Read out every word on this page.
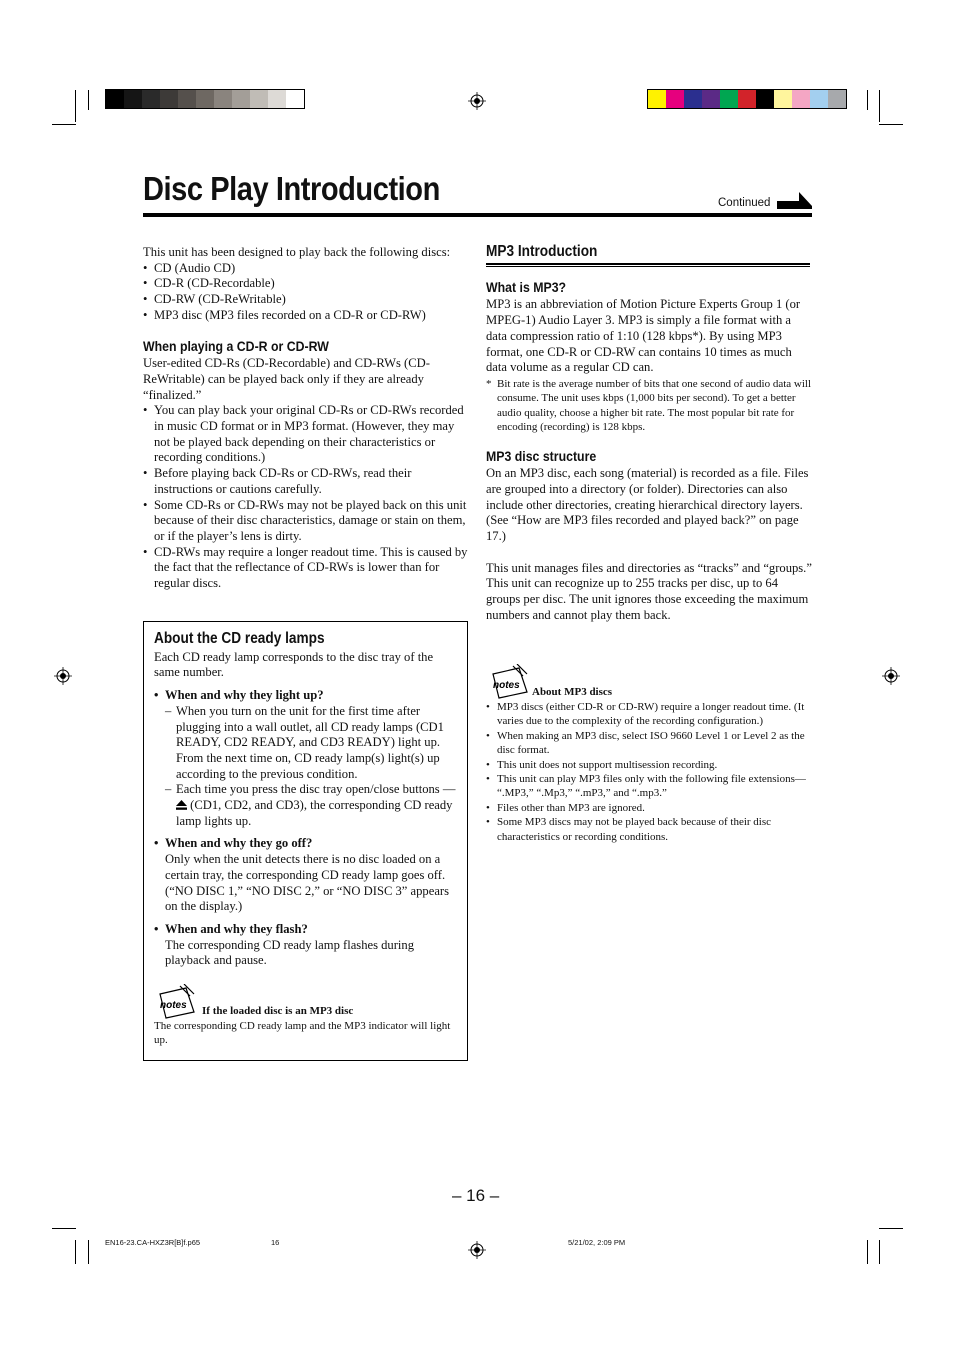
Disc Play Introduction	Continued

This unit has been designed to play back the following discs:

• CD (Audio CD)
• CD-R (CD-Recordable)
• CD-RW (CD-ReWritable)
• MP3 disc (MP3 files recorded on a CD-R or CD-RW)
When playing a CD-R or CD-RW

User-edited CD-Rs (CD-Recordable) and CD-RWs (CD-ReWritable) can be played back only if they are already “finalized.”

• You can play back your original CD-Rs or CD-RWs recorded in music CD format or in MP3 format. (However, they may not be played back depending on their characteristics or recording conditions.)
• Before playing back CD-Rs or CD-RWs, read their instructions or cautions carefully.
• Some CD-Rs or CD-RWs may not be played back on this unit because of their disc characteristics, damage or stain on them, or if the player’s lens is dirty.
• CD-RWs may require a longer readout time. This is caused by the fact that the reflectance of CD-RWs is lower than for regular discs.
About the CD ready lamps

Each CD ready lamp corresponds to the disc tray of the same number.

• When and why they light up?
– When you turn on the unit for the first time after plugging into a wall outlet, all CD ready lamps (CD1 READY, CD2 READY, and CD3 READY) light up. From the next time on, CD ready lamp(s) light(s) up according to the previous condition.
– Each time you press the disc tray open/close buttons — (CD1, CD2, and CD3), the corresponding CD ready lamp lights up.
• When and why they go off?

Only when the unit detects there is no disc loaded on a certain tray, the corresponding CD ready lamp goes off. (“NO DISC 1,” “NO DISC 2,” or “NO DISC 3” appears on the display.)

• When and why they flash?

The corresponding CD ready lamp flashes during playback and pause.

notes If the loaded disc is an MP3 disc
The corresponding CD ready lamp and the MP3 indicator will light up.
MP3 Introduction
What is MP3?

MP3 is an abbreviation of Motion Picture Experts Group 1 (or MPEG-1) Audio Layer 3. MP3 is simply a file format with a data compression ratio of 1:10 (128 kbps*). By using MP3 format, one CD-R or CD-RW can contains 10 times as much data volume as a regular CD can.

* Bit rate is the average number of bits that one second of audio data will consume. The unit uses kbps (1,000 bits per second). To get a better audio quality, choose a higher bit rate. The most popular bit rate for encoding (recording) is 128 kbps.
MP3 disc structure

On an MP3 disc, each song (material) is recorded as a file. Files are grouped into a directory (or folder). Directories can also include other directories, creating hierarchical directory layers. (See “How are MP3 files recorded and played back?” on page 17.)

This unit manages files and directories as “tracks” and “groups.” This unit can recognize up to 255 tracks per disc, up to 64 groups per disc. The unit ignores those exceeding the maximum numbers and cannot play them back.

notes
About MP3 discs
• MP3 discs (either CD-R or CD-RW) require a longer readout time. (It varies due to the complexity of the recording configuration.)
• When making an MP3 disc, select ISO 9660 Level 1 or Level 2 as the disc format.
• This unit does not support multisession recording.
• This unit can play MP3 files only with the following file extensions— “.MP3,” “.Mp3,” “.mP3,” and “.mp3.”
• Files other than MP3 are ignored.
• Some MP3 discs may not be played back because of their disc characteristics or recording conditions.
– 16 –
EN16-23.CA-HXZ3R[B]f.p65	16	5/21/02, 2:09 PM
